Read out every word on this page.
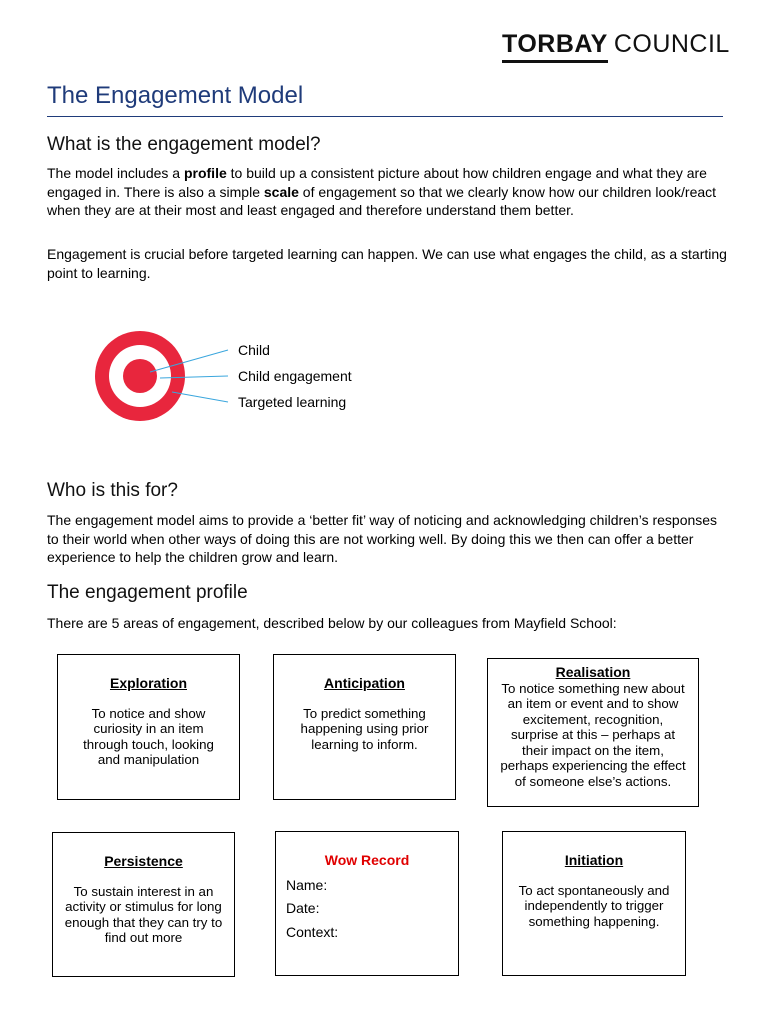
TORBAY COUNCIL
The Engagement Model
What is the engagement model?

The model includes a profile to build up a consistent picture about how children engage and what they are engaged in. There is also a simple scale of engagement so that we clearly know how our children look/react when they are at their most and least engaged and therefore understand them better.

Engagement is crucial before targeted learning can happen. We can use what engages the child, as a starting point to learning.

Child
Child engagement
Targeted learning
Who is this for?

The engagement model aims to provide a ‘better fit’ way of noticing and acknowledging children’s responses to their world when other ways of doing this are not working well. By doing this we then can offer a better experience to help the children grow and learn.

The engagement profile

There are 5 areas of engagement, described below by our colleagues from Mayfield School:

Exploration
To notice and show curiosity in an item through touch, looking and manipulation
Anticipation
To predict something happening using prior learning to inform.
Realisation
To notice something new about an item or event and to show excitement, recognition, surprise at this – perhaps at their impact on the item, perhaps experiencing the effect of someone else’s actions.
Persistence
To sustain interest in an activity or stimulus for long enough that they can try to find out more
Wow Record
Name:
Date:
Context:
Initiation
To act spontaneously and independently to trigger something happening.
